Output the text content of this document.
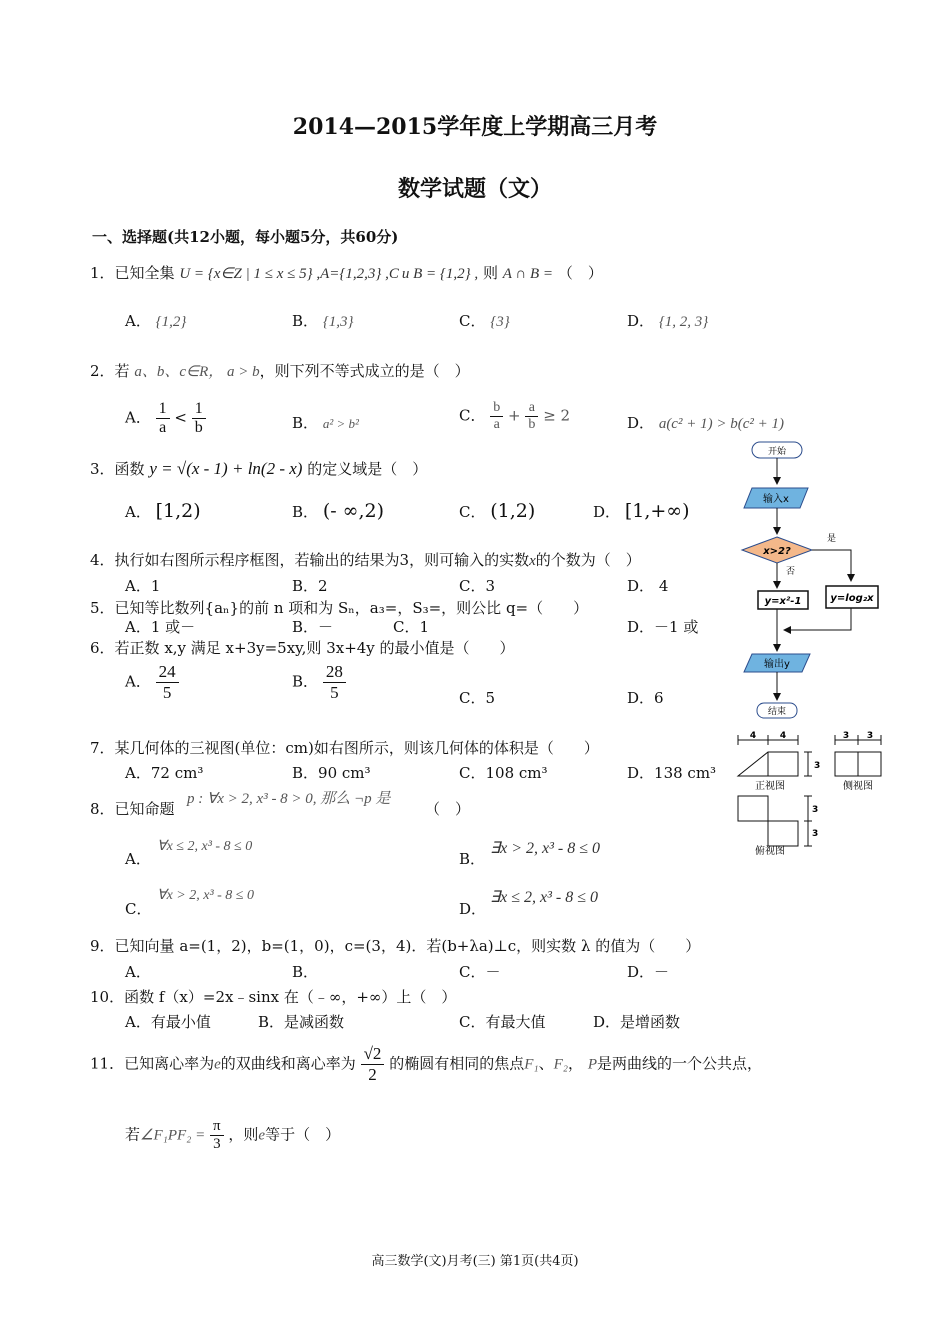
2014—2015学年度上学期高三月考
数学试题（文）
一、选择题(共12小题，每小题5分，共60分)
1．已知全集 U = {x∈Z | 1 ≤ x ≤ 5} ,A={1,2,3} ,C u B = {1,2} , 则 A ∩ B = （　）
A． {1,2}	B． {1,3}	C． {3}	D． {1, 2, 3}
2．若 a、b、c∈R， a > b，则下列不等式成立的是（　）
A． $\frac{1}{a} < \frac{1}{b}$	B． a² > b²	C． $\frac{b}{a} + \frac{a}{b} \ge 2$	D． a(c² + 1) > b(c² + 1)
3．函数 y = √(x - 1) + ln(2 - x) 的定义域是（　）
A． [1,2)	B． (- ∞,2)	C． (1,2)	D． [1,+∞)
4．执行如右图所示程序框图，若输出的结果为3，则可输入的实数x的个数为（　）
A．1	B．2	C．3	D． 4
5．已知等比数列{aₙ}的前 n 项和为 Sₙ，a₃=，S₃=，则公比 q=（　　）
A．1 或－	B．－	C．1	D．－1 或
6．若正数 x,y 满足 x+3y=5xy,则 3x+4y 的最小值是（　　）
A． $\frac{24}{5}$	B． $\frac{28}{5}$	C．5	D．6
7．某几何体的三视图(单位：cm)如右图所示，则该几何体的体积是（　　）
A．72 cm³	B．90 cm³	C．108 cm³	D．138 cm³
8．已知命题
p : ∀x > 2, x³ - 8 > 0, 那么 ¬p 是
（　）
A．
∀x ≤ 2, x³ - 8 ≤ 0
B．
∃x > 2, x³ - 8 ≤ 0
C．
∀x > 2, x³ - 8 ≤ 0
D．
∃x ≤ 2, x³ - 8 ≤ 0
9．已知向量 a=(1，2)，b=(1，0)，c=(3，4)．若(b+λa)⊥c，则实数 λ 的值为（　　）
A．	B．	C．－	D．－
10．函数 f（x）=2x﹣sinx 在（﹣∞，+∞）上（　）
A．有最小值	B．是减函数	C．有最大值	D．是增函数
11．已知离心率为e的双曲线和离心率为 $\frac{√2}{2}$ 的椭圆有相同的焦点F₁、F₂， P是两曲线的一个公共点，
若∠F₁PF₂ = $\frac{\pi}{3}$ ，则e等于（　）
开始
输入x
x>2?
是
否
y=x²-1	y=log₂x
输出y
结束
4	4
3
3 3
3
3
正视图	侧视图
俯视图
高三数学(文)月考(三) 第1页(共4页)
